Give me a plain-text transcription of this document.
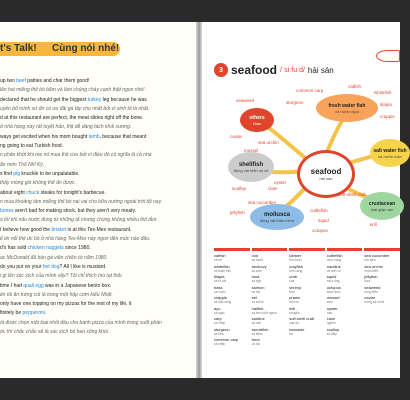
t's Talk! Cùng nói nhé!
up two beef patties and char them good!
lên hai miếng thịt bò băm và làm chúng cháy cạnh thật ngon nhé!
declared that he should get the biggest turkey leg because he was
uyên bố mình xứ đn có ưu đãi gà tây cho nhất bởi vì sinh tố là nhất.
d at this restaurant are perfect, the meat slides right off the bone.
ở nhà hàng này rất tuyệt hảo, thịt dễ dàng tách khỏi xương.
ways get excited when his mom bought lamb, because that meant
ng going to eat Turkish food.
n phấn khởi khi mẹ nó mua thịt cừu bởi vì điều đó có nghĩa là cả nhà
ăn món Thổ Nhĩ Kỳ.
s find pig knuckle to be unpalatable.
thấy móng giò không thể ăn được.
about eight chuck steaks for tonight's barbecue.
n mua khoảng tám miếng thịt bò nai vai cho bữa nướng ngoài trời tối nay.
bones aren't bad for making stock, but they aren't very meaty.
ó tồi khi nấu nước dùng từ những tấ nhưng chúng không nhiều thịt lắm.
I believe how good the brisket is at this Tex-Mex restaurant.
ể tin nổi thịt ức bò ở nhà hàng Tex-Mex này ngon đến mức nào đâu.
d's has sold chicken nuggets since 1980.
ac McDonald đã bán gà viên chiên từ năm 1980.
do you put on your hot dog? All I like is mustard.
i gì lên xúc xích của mình vậy? Tôi chỉ thích mù tạt thôi.
time I had quail egg was in a Japanese bento box.
ên tôi ăn trứng cút là trong một hộp cơm kiểu Nhật.
only have one topping on my pizzas for the rest of my life, it
finitely be pepperoni.
ời được chọn một loại nhồi đầu cho bánh pizza của mình trong suốt phần
ời, thì chắc chắn sẽ là xúc xích bò heo xông khói.
3 seafood /ˈsiːfuːd/ hải sản
seafood
hải sản
others
khác
fresh water fish
cá nước ngọt
shellfish
động vật biển có vỏ
salt water fish
cá nước mặn
mollusca
động vật thân mềm
crustacean
loài giáp xác
seaweed
caviar
sea urchin
common carp
sturgeon
catfish
whitefish
tilapia
crappie
mussel
oyster
scallop	clam
sea cucumber
jellyfish	cuttlefish
squid
octopus
soft-shell crab
krill
catfish
cá trê
whitefish
cá bạch kim
tilapia
cá rô phi
bass
cá vược
crappie
cá sấu sông
ayu
cá ngọt
carp
cá chép
sturgeon
cá tầm
common carp
cá chép
cod
cá tuyết
anchovy
cá cơm
tuna
cá ngừ
salmon
cá hồi
eel
cá chình
halibut
cá bơn lưỡi ngựa
sardine
cá mòi
swordfish
cá kiếm
trout
cá hồi
lobster
tôm hùm
crayfish
tôm càng
crab
cua
shrimp
tôm
prawn
tôm sú
krill
nhuyễn
soft-shell crab
cua lột
barnacle
hà
cuttlefish
mực nang
nautilus
ốc anh vũ
squid
mực ống
octopus
bạch tuộc
mussel
vẹm
oyster
hàu
clam
nghêu
scallop
sò điệp
sea cucumber
hải sâm
sea urchin
nhím biển
jellyfish
sứa
seaweed
rong biển
caviar
trứng cá muối
